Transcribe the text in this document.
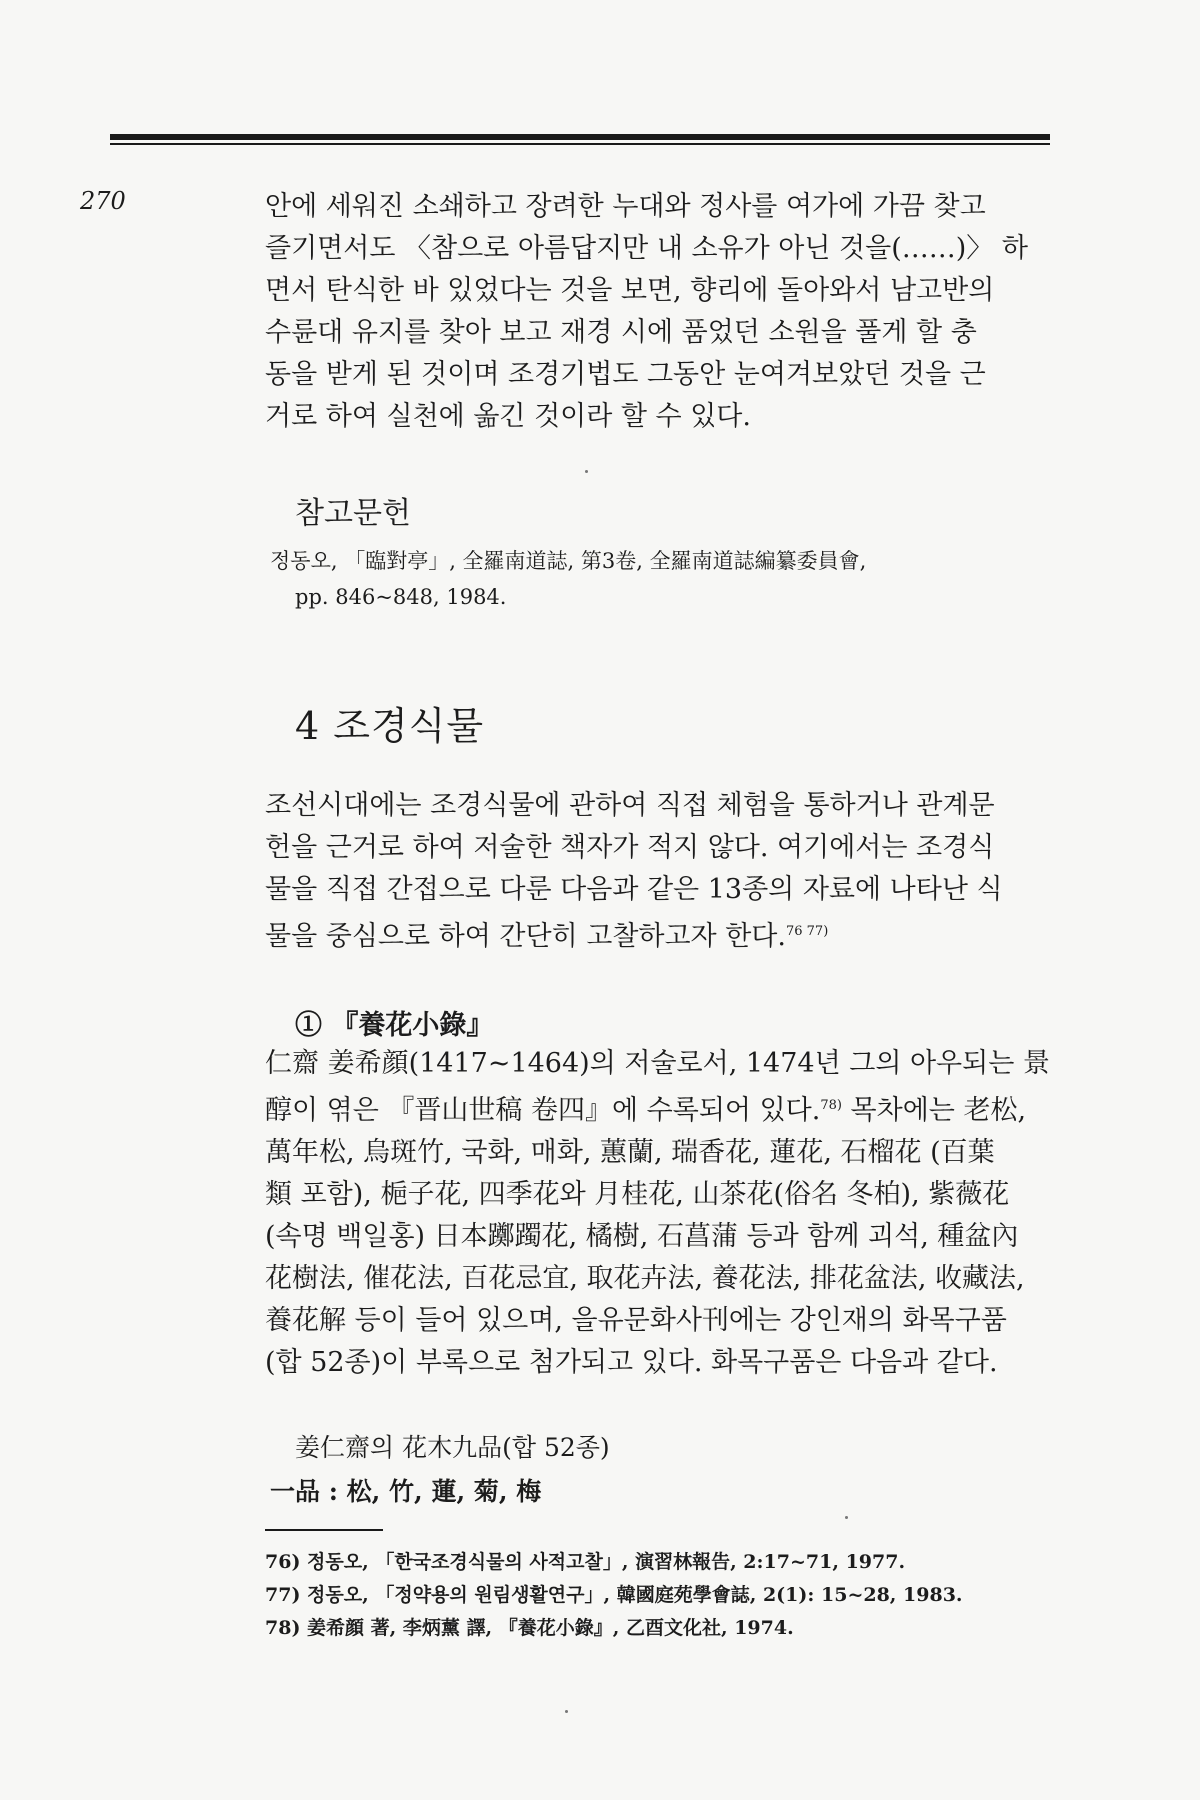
270	안에 세워진 소쇄하고 장려한 누대와 정사를 여가에 가끔 찾고
즐기면서도 〈참으로 아름답지만 내 소유가 아닌 것을(……)〉 하
면서 탄식한 바 있었다는 것을 보면, 향리에 돌아와서 남고반의
수륜대 유지를 찾아 보고 재경 시에 품었던 소원을 풀게 할 충
동을 받게 된 것이며 조경기법도 그동안 눈여겨보았던 것을 근
거로 하여 실천에 옮긴 것이라 할 수 있다.

참고문헌
정동오, 「臨對亭」, 全羅南道誌, 第3卷, 全羅南道誌編纂委員會,
pp. 846~848, 1984.
4 조경식물

조선시대에는 조경식물에 관하여 직접 체험을 통하거나 관계문
헌을 근거로 하여 저술한 책자가 적지 않다. 여기에서는 조경식
물을 직접 간접으로 다룬 다음과 같은 13종의 자료에 나타난 식
물을 중심으로 하여 간단히 고찰하고자 한다.$^{76 77)}$

① 『養花小錄』

仁齋 姜希顔(1417~1464)의 저술로서, 1474년 그의 아우되는 景
醇이 엮은 『晋山世稿 卷四』에 수록되어 있다.$^{78)}$ 목차에는 老松,
萬年松, 烏斑竹, 국화, 매화, 蕙蘭, 瑞香花, 蓮花, 石榴花 (百葉
類 포함), 梔子花, 四季花와 月桂花, 山茶花(俗名 冬柏), 紫薇花
(속명 백일홍) 日本躑躅花, 橘樹, 石菖蒲 등과 함께 괴석, 種盆內
花樹法, 催花法, 百花忌宜, 取花卉法, 養花法, 排花盆法, 收藏法,
養花解 등이 들어 있으며, 을유문화사刊에는 강인재의 화목구품
(합 52종)이 부록으로 첨가되고 있다. 화목구품은 다음과 같다.

姜仁齋의 花木九品(합 52종)
一品 : 松, 竹, 蓮, 菊, 梅
76) 정동오, 「한국조경식물의 사적고찰」, 演習林報告, 2:17~71, 1977.
77) 정동오, 「정약용의 원림생활연구」, 韓國庭苑學會誌, 2(1): 15~28, 1983.
78) 姜希顔 著, 李炳薰 譯, 『養花小錄』, 乙酉文化社, 1974.
